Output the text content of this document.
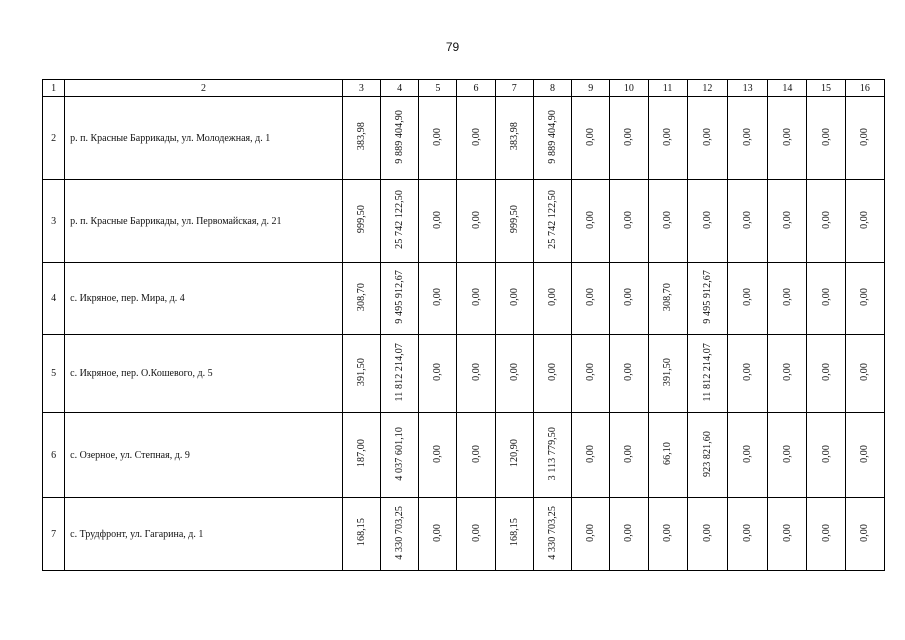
79
1	2	3	4	5	6	7	8	9	10	11	12	13	14	15	16
2	р. п. Красные Баррикады, ул. Молодежная, д. 1	383,98	9 889 404,90	0,00	0,00	383,98	9 889 404,90	0,00	0,00	0,00	0,00	0,00	0,00	0,00	0,00
3	р. п. Красные Баррикады, ул. Первомайская, д. 21	999,50	25 742 122,50	0,00	0,00	999,50	25 742 122,50	0,00	0,00	0,00	0,00	0,00	0,00	0,00	0,00
4	с. Икряное, пер. Мира, д. 4	308,70	9 495 912,67	0,00	0,00	0,00	0,00	0,00	0,00	308,70	9 495 912,67	0,00	0,00	0,00	0,00
5	с. Икряное, пер. О.Кошевого, д. 5	391,50	11 812 214,07	0,00	0,00	0,00	0,00	0,00	0,00	391,50	11 812 214,07	0,00	0,00	0,00	0,00
6	с. Озерное, ул. Степная, д. 9	187,00	4 037 601,10	0,00	0,00	120,90	3 113 779,50	0,00	0,00	66,10	923 821,60	0,00	0,00	0,00	0,00
7	с. Трудфронт, ул. Гагарина, д. 1	168,15	4 330 703,25	0,00	0,00	168,15	4 330 703,25	0,00	0,00	0,00	0,00	0,00	0,00	0,00	0,00
